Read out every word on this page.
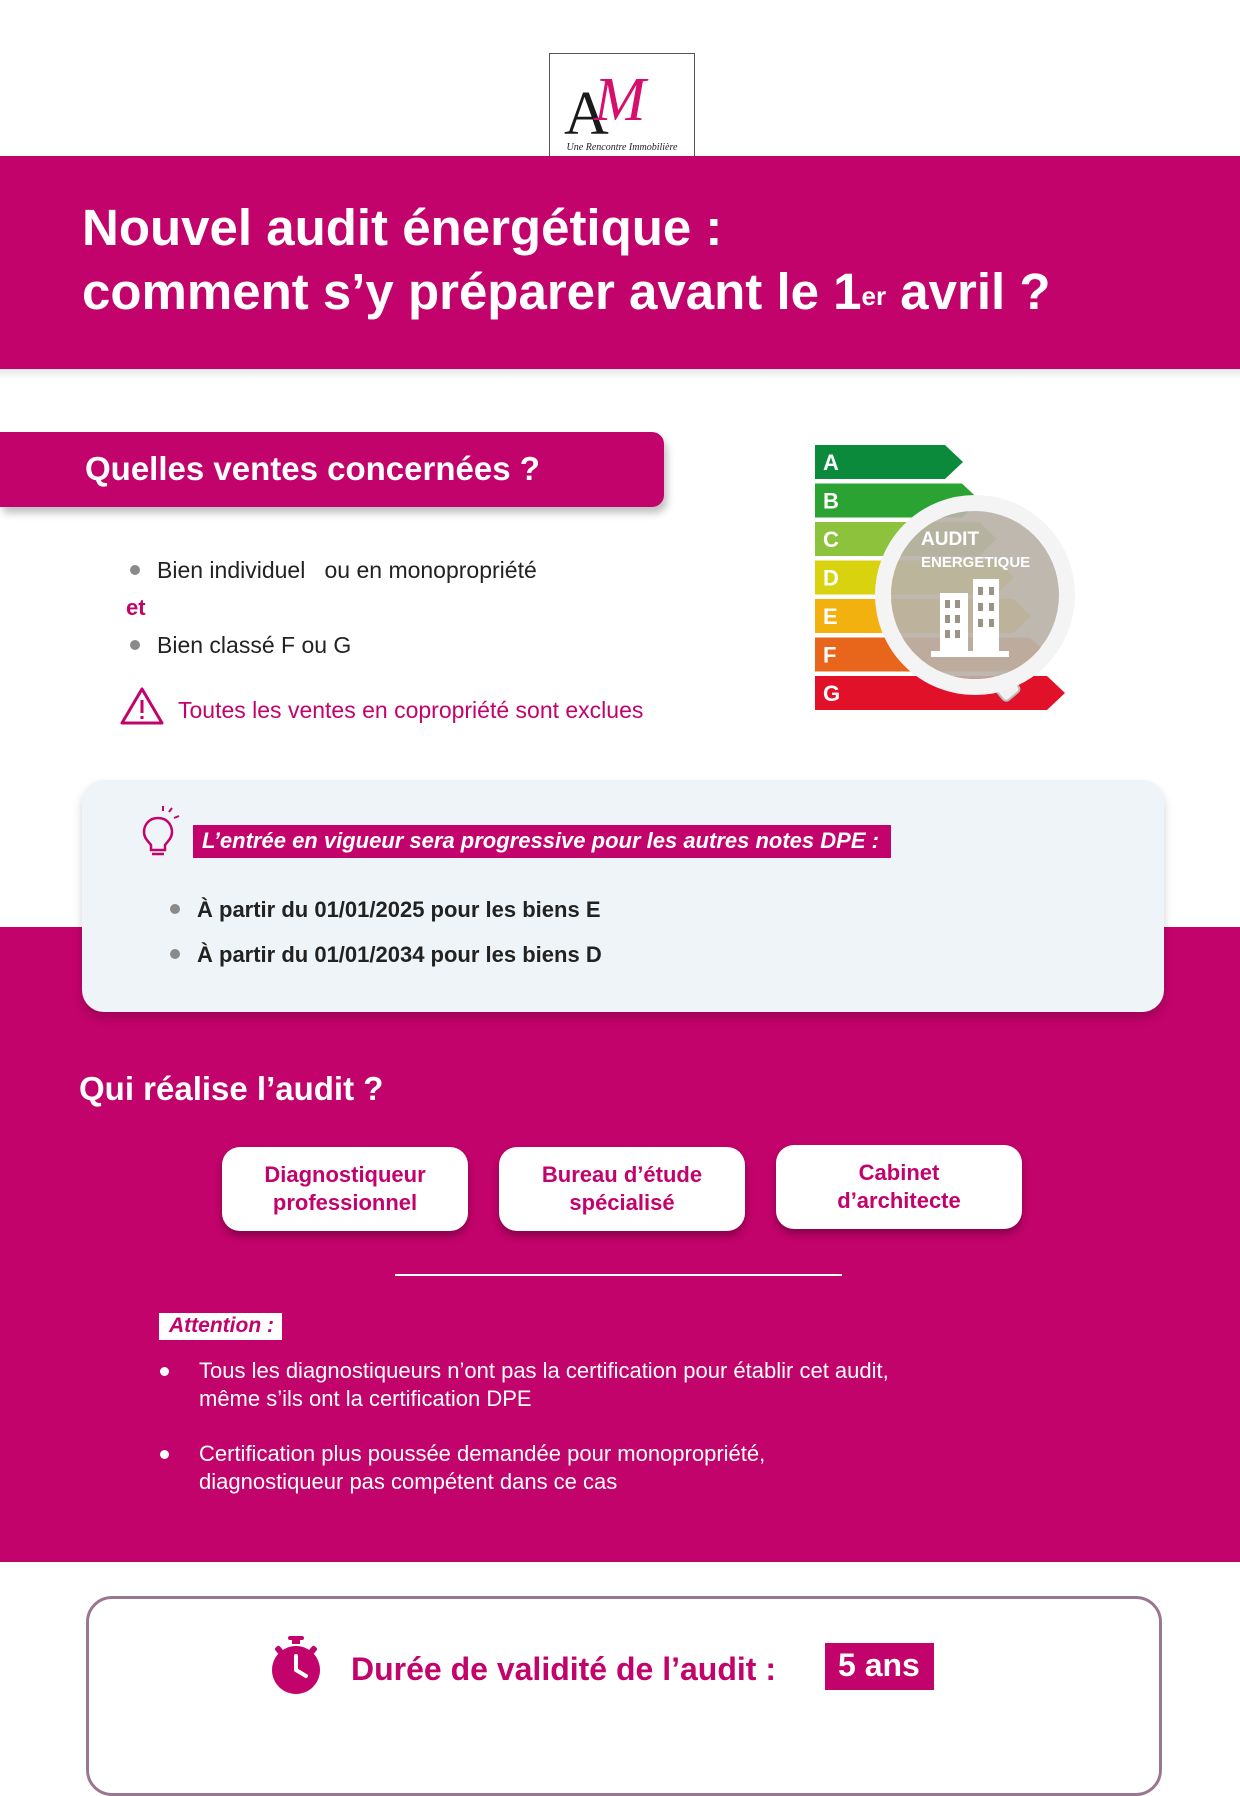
A
M
Une Rencontre Immobilière
Nouvel audit énergétique :
comment s’y préparer avant le 1er avril ?
Quelles ventes concernées ?
Bien individuel   ou en monopropriété
et
Bien classé F ou G
Toutes les ventes en copropriété sont exclues
A
B
C
D
E
F
G
AUDIT
ENERGETIQUE
L’entrée en vigueur sera progressive pour les autres notes DPE :
À partir du 01/01/2025 pour les biens E
À partir du 01/01/2034 pour les biens D
Qui réalise l’audit ?
Diagnostiqueur
professionnel
Bureau d’étude
spécialisé
Cabinet
d’architecte
Attention :
Tous les diagnostiqueurs n’ont pas la certification pour établir cet audit,
même s’ils ont la certification DPE
Certification plus poussée demandée pour monopropriété,
diagnostiqueur pas compétent dans ce cas
Durée de validité de l’audit :	5 ans
